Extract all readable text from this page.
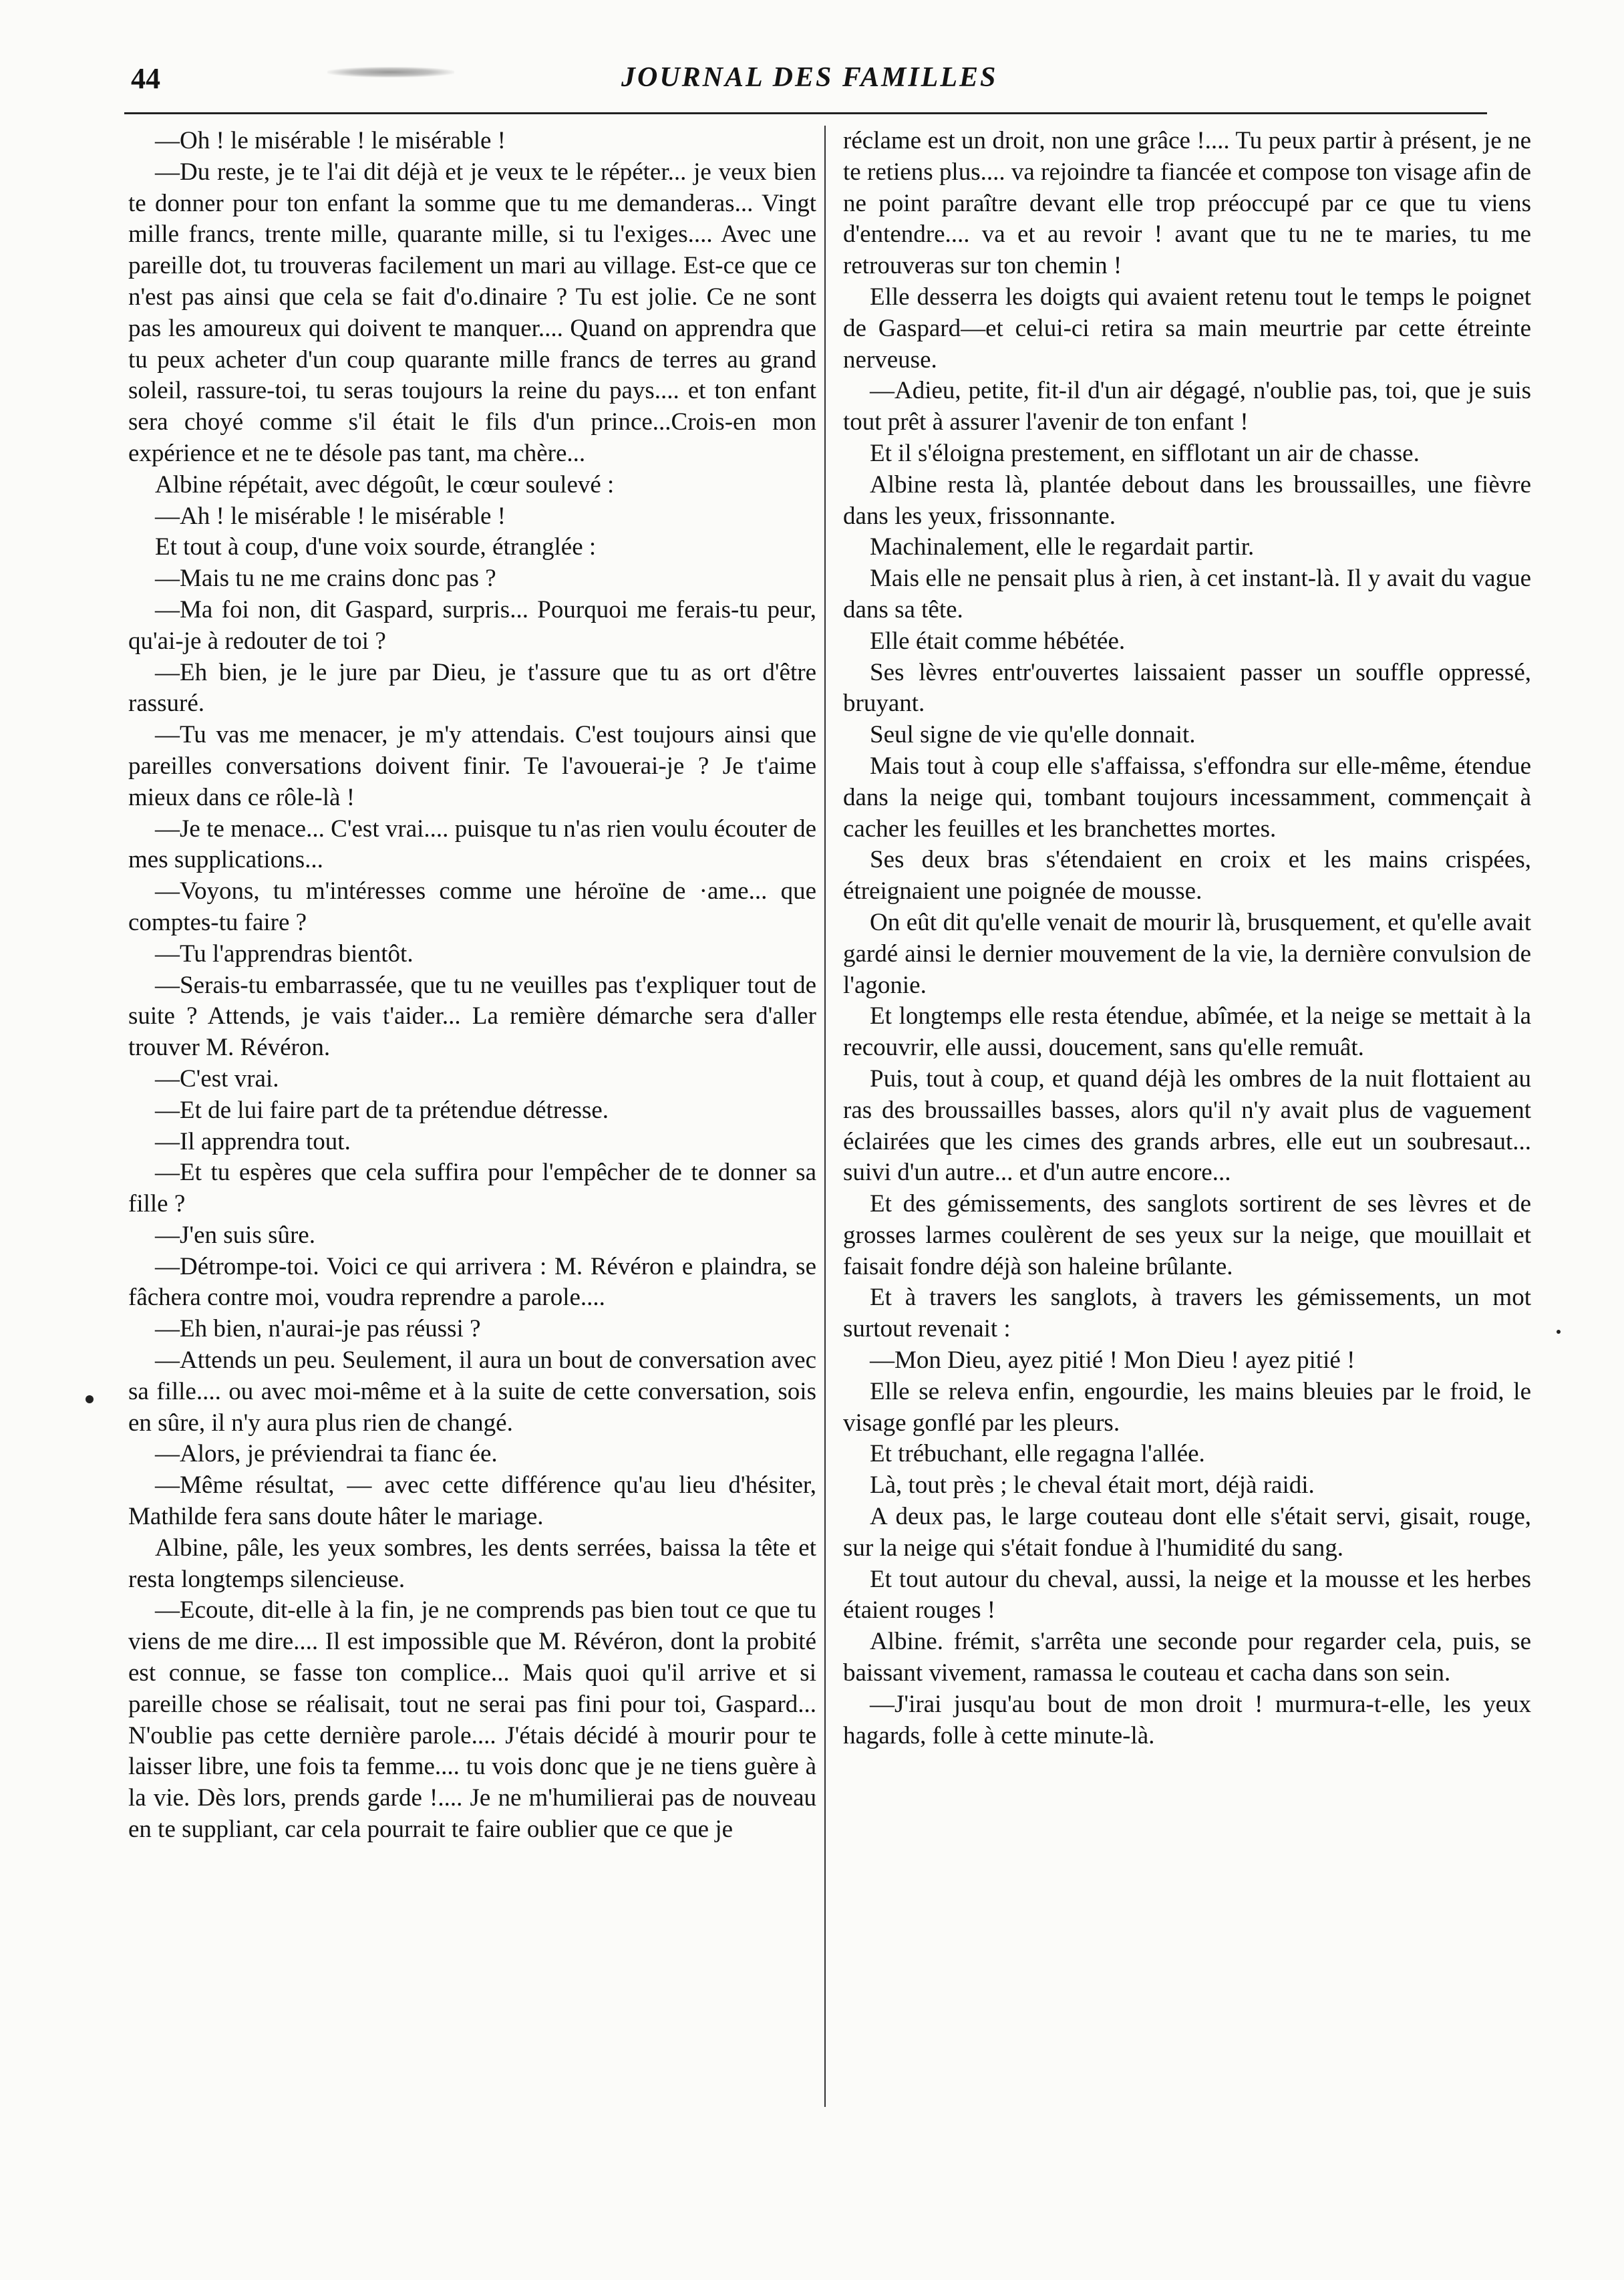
44	JOURNAL DES FAMILLES

—Oh ! le misérable ! le misérable !

—Du reste, je te l'ai dit déjà et je veux te le répéter... je veux bien te donner pour ton enfant la somme que tu me demanderas... Vingt mille francs, trente mille, quarante mille, si tu l'exiges.... Avec une pareille dot, tu trouveras facilement un mari au village. Est-ce que ce n'est pas ainsi que cela se fait d'o.dinaire ? Tu est jolie. Ce ne sont pas les amoureux qui doivent te manquer.... Quand on apprendra que tu peux acheter d'un coup quarante mille francs de terres au grand soleil, rassure-toi, tu seras toujours la reine du pays.... et ton enfant sera choyé comme s'il était le fils d'un prince...Crois-en mon expérience et ne te désole pas tant, ma chère...

Albine répétait, avec dégoût, le cœur soulevé :

—Ah ! le misérable ! le misérable !

Et tout à coup, d'une voix sourde, étranglée :

—Mais tu ne me crains donc pas ?

—Ma foi non, dit Gaspard, surpris... Pourquoi me ferais-tu peur, qu'ai-je à redouter de toi ?

—Eh bien, je le jure par Dieu, je t'assure que tu as ort d'être rassuré.

—Tu vas me menacer, je m'y attendais. C'est toujours ainsi que pareilles conversations doivent finir. Te l'avouerai-je ? Je t'aime mieux dans ce rôle-là !

—Je te menace... C'est vrai.... puisque tu n'as rien voulu écouter de mes supplications...

—Voyons, tu m'intéresses comme une héroïne de ·ame... que comptes-tu faire ?

—Tu l'apprendras bientôt.

—Serais-tu embarrassée, que tu ne veuilles pas t'expliquer tout de suite ? Attends, je vais t'aider... La remière démarche sera d'aller trouver M. Révéron.

—C'est vrai.

—Et de lui faire part de ta prétendue détresse.

—Il apprendra tout.

—Et tu espères que cela suffira pour l'empêcher de te donner sa fille ?

—J'en suis sûre.

—Détrompe-toi. Voici ce qui arrivera : M. Révéron e plaindra, se fâchera contre moi, voudra reprendre a parole....

—Eh bien, n'aurai-je pas réussi ?

—Attends un peu. Seulement, il aura un bout de conversation avec sa fille.... ou avec moi-même et à la suite de cette conversation, sois en sûre, il n'y aura plus rien de changé.

—Alors, je préviendrai ta fianc ée.

—Même résultat, — avec cette différence qu'au lieu d'hésiter, Mathilde fera sans doute hâter le mariage.

Albine, pâle, les yeux sombres, les dents serrées, baissa la tête et resta longtemps silencieuse.

—Ecoute, dit-elle à la fin, je ne comprends pas bien tout ce que tu viens de me dire.... Il est impossible que M. Révéron, dont la probité est connue, se fasse ton complice... Mais quoi qu'il arrive et si pareille chose se réalisait, tout ne serai pas fini pour toi, Gaspard... N'oublie pas cette dernière parole.... J'étais décidé à mourir pour te laisser libre, une fois ta femme.... tu vois donc que je ne tiens guère à la vie. Dès lors, prends garde !.... Je ne m'humilierai pas de nouveau en te suppliant, car cela pourrait te faire oublier que ce que je

réclame est un droit, non une grâce !.... Tu peux partir à présent, je ne te retiens plus.... va rejoindre ta fiancée et compose ton visage afin de ne point paraître devant elle trop préoccupé par ce que tu viens d'entendre.... va et au revoir ! avant que tu ne te maries, tu me retrouveras sur ton chemin !

Elle desserra les doigts qui avaient retenu tout le temps le poignet de Gaspard—et celui-ci retira sa main meurtrie par cette étreinte nerveuse.

—Adieu, petite, fit-il d'un air dégagé, n'oublie pas, toi, que je suis tout prêt à assurer l'avenir de ton enfant !

Et il s'éloigna prestement, en sifflotant un air de chasse.

Albine resta là, plantée debout dans les broussailles, une fièvre dans les yeux, frissonnante.

Machinalement, elle le regardait partir.

Mais elle ne pensait plus à rien, à cet instant-là. Il y avait du vague dans sa tête.

Elle était comme hébétée.

Ses lèvres entr'ouvertes laissaient passer un souffle oppressé, bruyant.

Seul signe de vie qu'elle donnait.

Mais tout à coup elle s'affaissa, s'effondra sur elle-même, étendue dans la neige qui, tombant toujours incessamment, commençait à cacher les feuilles et les branchettes mortes.

Ses deux bras s'étendaient en croix et les mains crispées, étreignaient une poignée de mousse.

On eût dit qu'elle venait de mourir là, brusquement, et qu'elle avait gardé ainsi le dernier mouvement de la vie, la dernière convulsion de l'agonie.

Et longtemps elle resta étendue, abîmée, et la neige se mettait à la recouvrir, elle aussi, doucement, sans qu'elle remuât.

Puis, tout à coup, et quand déjà les ombres de la nuit flottaient au ras des broussailles basses, alors qu'il n'y avait plus de vaguement éclairées que les cimes des grands arbres, elle eut un soubresaut... suivi d'un autre... et d'un autre encore...

Et des gémissements, des sanglots sortirent de ses lèvres et de grosses larmes coulèrent de ses yeux sur la neige, que mouillait et faisait fondre déjà son haleine brûlante.

Et à travers les sanglots, à travers les gémissements, un mot surtout revenait :

—Mon Dieu, ayez pitié ! Mon Dieu ! ayez pitié !

Elle se releva enfin, engourdie, les mains bleuies par le froid, le visage gonflé par les pleurs.

Et trébuchant, elle regagna l'allée.

Là, tout près ; le cheval était mort, déjà raidi.

A deux pas, le large couteau dont elle s'était servi, gisait, rouge, sur la neige qui s'était fondue à l'humidité du sang.

Et tout autour du cheval, aussi, la neige et la mousse et les herbes étaient rouges !

Albine. frémit, s'arrêta une seconde pour regarder cela, puis, se baissant vivement, ramassa le couteau et cacha dans son sein.

—J'irai jusqu'au bout de mon droit ! murmura-t-elle, les yeux hagards, folle à cette minute-là.
